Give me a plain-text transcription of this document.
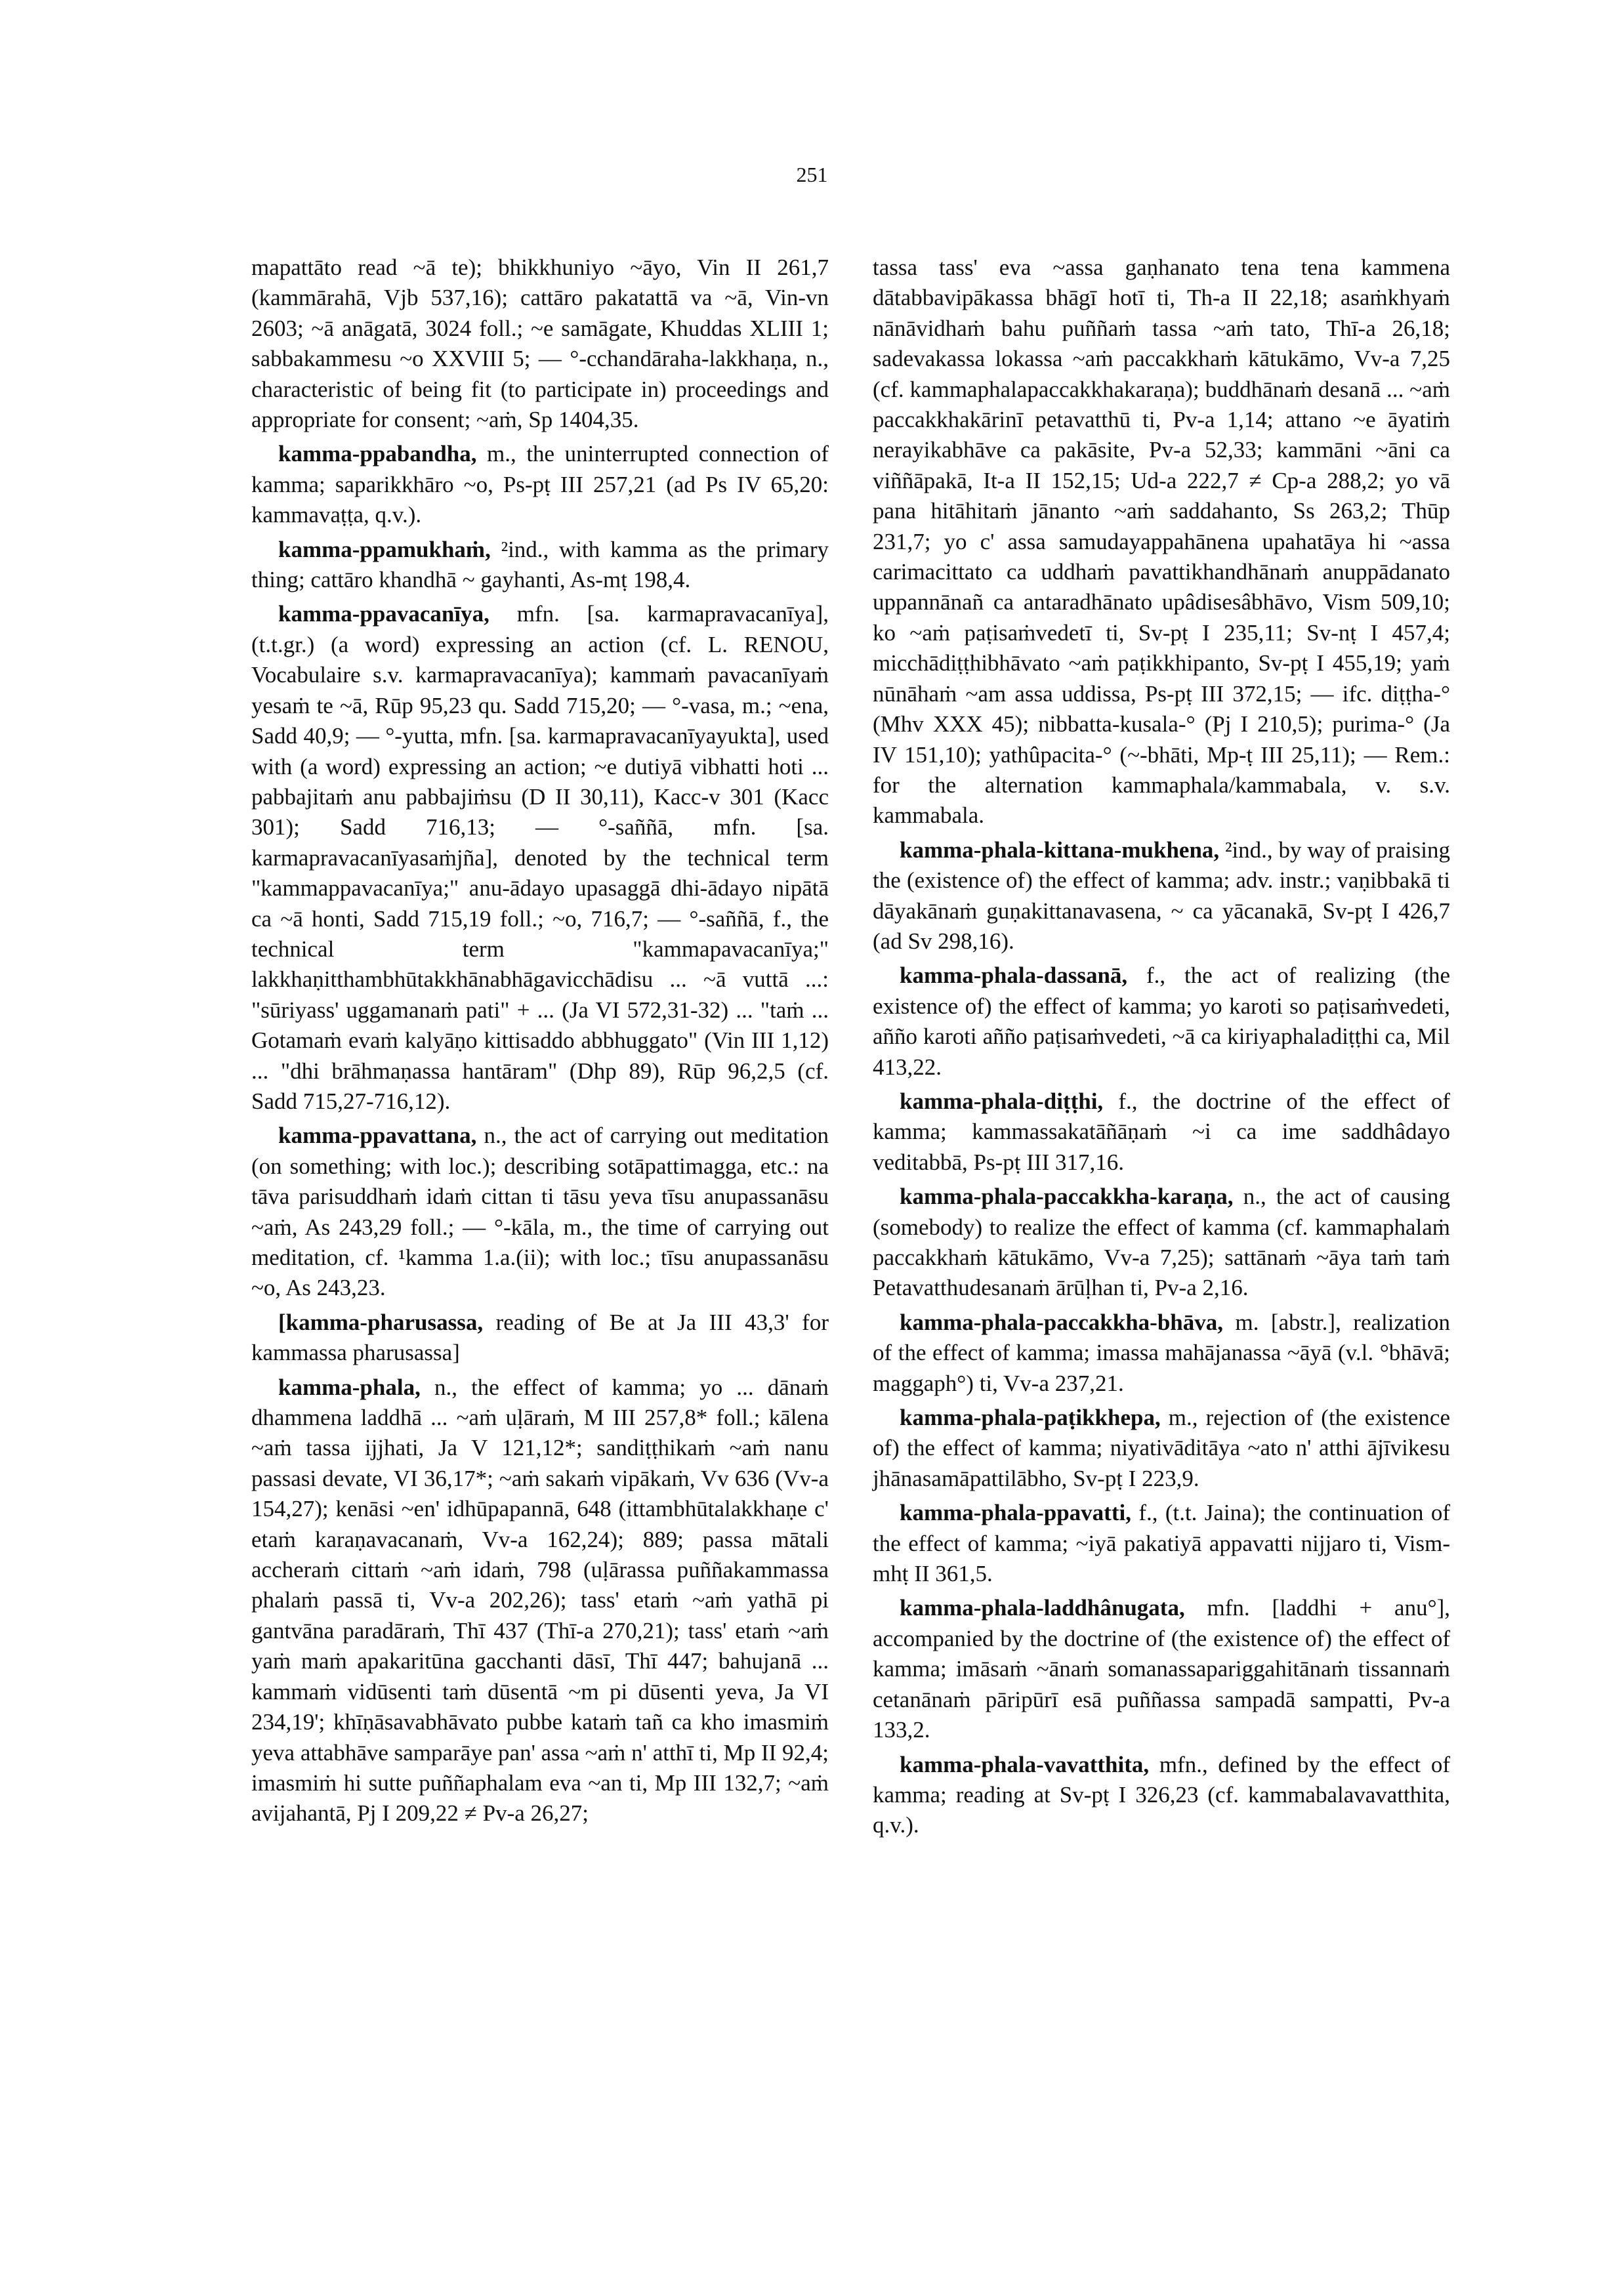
251

mapattāto read ~ā te); bhikkhuniyo ~āyo, Vin II 261,7 (kammārahā, Vjb 537,16); cattāro pakatattā va ~ā, Vin-vn 2603; ~ā anāgatā, 3024 foll.; ~e samāgate, Khuddas XLIII 1; sabbakammesu ~o XXVIII 5; — °-cchandāraha-lakkhaṇa, n., characteristic of being fit (to participate in) proceedings and appropriate for consent; ~aṁ, Sp 1404,35.

kamma-ppabandha, m., the uninterrupted connection of kamma; saparikkhāro ~o, Ps-pṭ III 257,21 (ad Ps IV 65,20: kammavaṭṭa, q.v.).

kamma-ppamukhaṁ, ²ind., with kamma as the primary thing; cattāro khandhā ~ gayhanti, As-mṭ 198,4.

kamma-ppavacanīya, mfn. [sa. karmapravacanīya], (t.t.gr.) (a word) expressing an action (cf. L. RENOU, Vocabulaire s.v. karmapravacanīya); kammaṁ pavacanīyaṁ yesaṁ te ~ā, Rūp 95,23 qu. Sadd 715,20; — °-vasa, m.; ~ena, Sadd 40,9; — °-yutta, mfn. [sa. karmapravacanīyayukta], used with (a word) expressing an action; ~e dutiyā vibhatti hoti ... pabbajitaṁ anu pabbajiṁsu (D II 30,11), Kacc-v 301 (Kacc 301); Sadd 716,13; — °-saññā, mfn. [sa. karmapravacanīyasaṁjña], denoted by the technical term "kammappavacanīya;" anu-ādayo upasaggā dhi-ādayo nipātā ca ~ā honti, Sadd 715,19 foll.; ~o, 716,7; — °-saññā, f., the technical term "kammapavacanīya;" lakkhaṇitthambhūtakkhānabhāgavicchādisu ... ~ā vuttā ...: "sūriyass' uggamanaṁ pati" + ... (Ja VI 572,31-32) ... "taṁ ... Gotamaṁ evaṁ kalyāṇo kittisaddo abbhuggato" (Vin III 1,12) ... "dhi brāhmaṇassa hantāram" (Dhp 89), Rūp 96,2,5 (cf. Sadd 715,27-716,12).

kamma-ppavattana, n., the act of carrying out meditation (on something; with loc.); describing sotāpattimagga, etc.: na tāva parisuddhaṁ idaṁ cittan ti tāsu yeva tīsu anupassanāsu ~aṁ, As 243,29 foll.; — °-kāla, m., the time of carrying out meditation, cf. ¹kamma 1.a.(ii); with loc.; tīsu anupassanāsu ~o, As 243,23.

[kamma-pharusassa, reading of Be at Ja III 43,3' for kammassa pharusassa]

kamma-phala, n., the effect of kamma; yo ... dānaṁ dhammena laddhā ... ~aṁ uḷāraṁ, M III 257,8* foll.; kālena ~aṁ tassa ijjhati, Ja V 121,12*; sandiṭṭhikaṁ ~aṁ nanu passasi devate, VI 36,17*; ~aṁ sakaṁ vipākaṁ, Vv 636 (Vv-a 154,27); kenāsi ~en' idhūpapannā, 648 (ittambhūtalakkhaṇe c' etaṁ karaṇavacanaṁ, Vv-a 162,24); 889; passa mātali accheraṁ cittaṁ ~aṁ idaṁ, 798 (uḷārassa puññakammassa phalaṁ passā ti, Vv-a 202,26); tass' etaṁ ~aṁ yathā pi gantvāna paradāraṁ, Thī 437 (Thī-a 270,21); tass' etaṁ ~aṁ yaṁ maṁ apakaritūna gacchanti dāsī, Thī 447; bahujanā ... kammaṁ vidūsenti taṁ dūsentā ~m pi dūsenti yeva, Ja VI 234,19'; khīṇāsavabhāvato pubbe kataṁ tañ ca kho imasmiṁ yeva attabhāve samparāye pan' assa ~aṁ n' atthī ti, Mp II 92,4; imasmiṁ hi sutte puññaphalam eva ~an ti, Mp III 132,7; ~aṁ avijahantā, Pj I 209,22 ≠ Pv-a 26,27;

tassa tass' eva ~assa gaṇhanato tena tena kammena dātabbavipākassa bhāgī hotī ti, Th-a II 22,18; asaṁkhyaṁ nānāvidhaṁ bahu puññaṁ tassa ~aṁ tato, Thī-a 26,18; sadevakassa lokassa ~aṁ paccakkhaṁ kātukāmo, Vv-a 7,25 (cf. kammaphalapaccakkhakaraṇa); buddhānaṁ desanā ... ~aṁ paccakkhakārinī petavatthū ti, Pv-a 1,14; attano ~e āyatiṁ nerayikabhāve ca pakāsite, Pv-a 52,33; kammāni ~āni ca viññāpakā, It-a II 152,15; Ud-a 222,7 ≠ Cp-a 288,2; yo vā pana hitāhitaṁ jānanto ~aṁ saddahanto, Ss 263,2; Thūp 231,7; yo c' assa samudayappahānena upahatāya hi ~assa carimacittato ca uddhaṁ pavattikhandhānaṁ anuppādanato uppannānañ ca antaradhānato upâdisesâbhāvo, Vism 509,10; ko ~aṁ paṭisaṁvedetī ti, Sv-pṭ I 235,11; Sv-nṭ I 457,4; micchādiṭṭhibhāvato ~aṁ paṭikkhipanto, Sv-pṭ I 455,19; yaṁ nūnāhaṁ ~am assa uddissa, Ps-pṭ III 372,15; — ifc. diṭṭha-° (Mhv XXX 45); nibbatta-kusala-° (Pj I 210,5); purima-° (Ja IV 151,10); yathûpacita-° (~-bhāti, Mp-ṭ III 25,11); — Rem.: for the alternation kammaphala/kammabala, v. s.v. kammabala.

kamma-phala-kittana-mukhena, ²ind., by way of praising the (existence of) the effect of kamma; adv. instr.; vaṇibbakā ti dāyakānaṁ guṇakittanavasena, ~ ca yācanakā, Sv-pṭ I 426,7 (ad Sv 298,16).

kamma-phala-dassanā, f., the act of realizing (the existence of) the effect of kamma; yo karoti so paṭisaṁvedeti, añño karoti añño paṭisaṁvedeti, ~ā ca kiriyaphaladiṭṭhi ca, Mil 413,22.

kamma-phala-diṭṭhi, f., the doctrine of the effect of kamma; kammassakatāñāṇaṁ ~i ca ime saddhâdayo veditabbā, Ps-pṭ III 317,16.

kamma-phala-paccakkha-karaṇa, n., the act of causing (somebody) to realize the effect of kamma (cf. kammaphalaṁ paccakkhaṁ kātukāmo, Vv-a 7,25); sattānaṁ ~āya taṁ taṁ Petavatthudesanaṁ ārūḷhan ti, Pv-a 2,16.

kamma-phala-paccakkha-bhāva, m. [abstr.], realization of the effect of kamma; imassa mahājanassa ~āyā (v.l. °bhāvā; maggaph°) ti, Vv-a 237,21.

kamma-phala-paṭikkhepa, m., rejection of (the existence of) the effect of kamma; niyativāditāya ~ato n' atthi ājīvikesu jhānasamāpattilābho, Sv-pṭ I 223,9.

kamma-phala-ppavatti, f., (t.t. Jaina); the continuation of the effect of kamma; ~iyā pakatiyā appavatti nijjaro ti, Vism-mhṭ II 361,5.

kamma-phala-laddhânugata, mfn. [laddhi + anu°], accompanied by the doctrine of (the existence of) the effect of kamma; imāsaṁ ~ānaṁ somanassapariggahitānaṁ tissannaṁ cetanānaṁ pāripūrī esā puññassa sampadā sampatti, Pv-a 133,2.

kamma-phala-vavatthita, mfn., defined by the effect of kamma; reading at Sv-pṭ I 326,23 (cf. kammabalavavatthita, q.v.).
